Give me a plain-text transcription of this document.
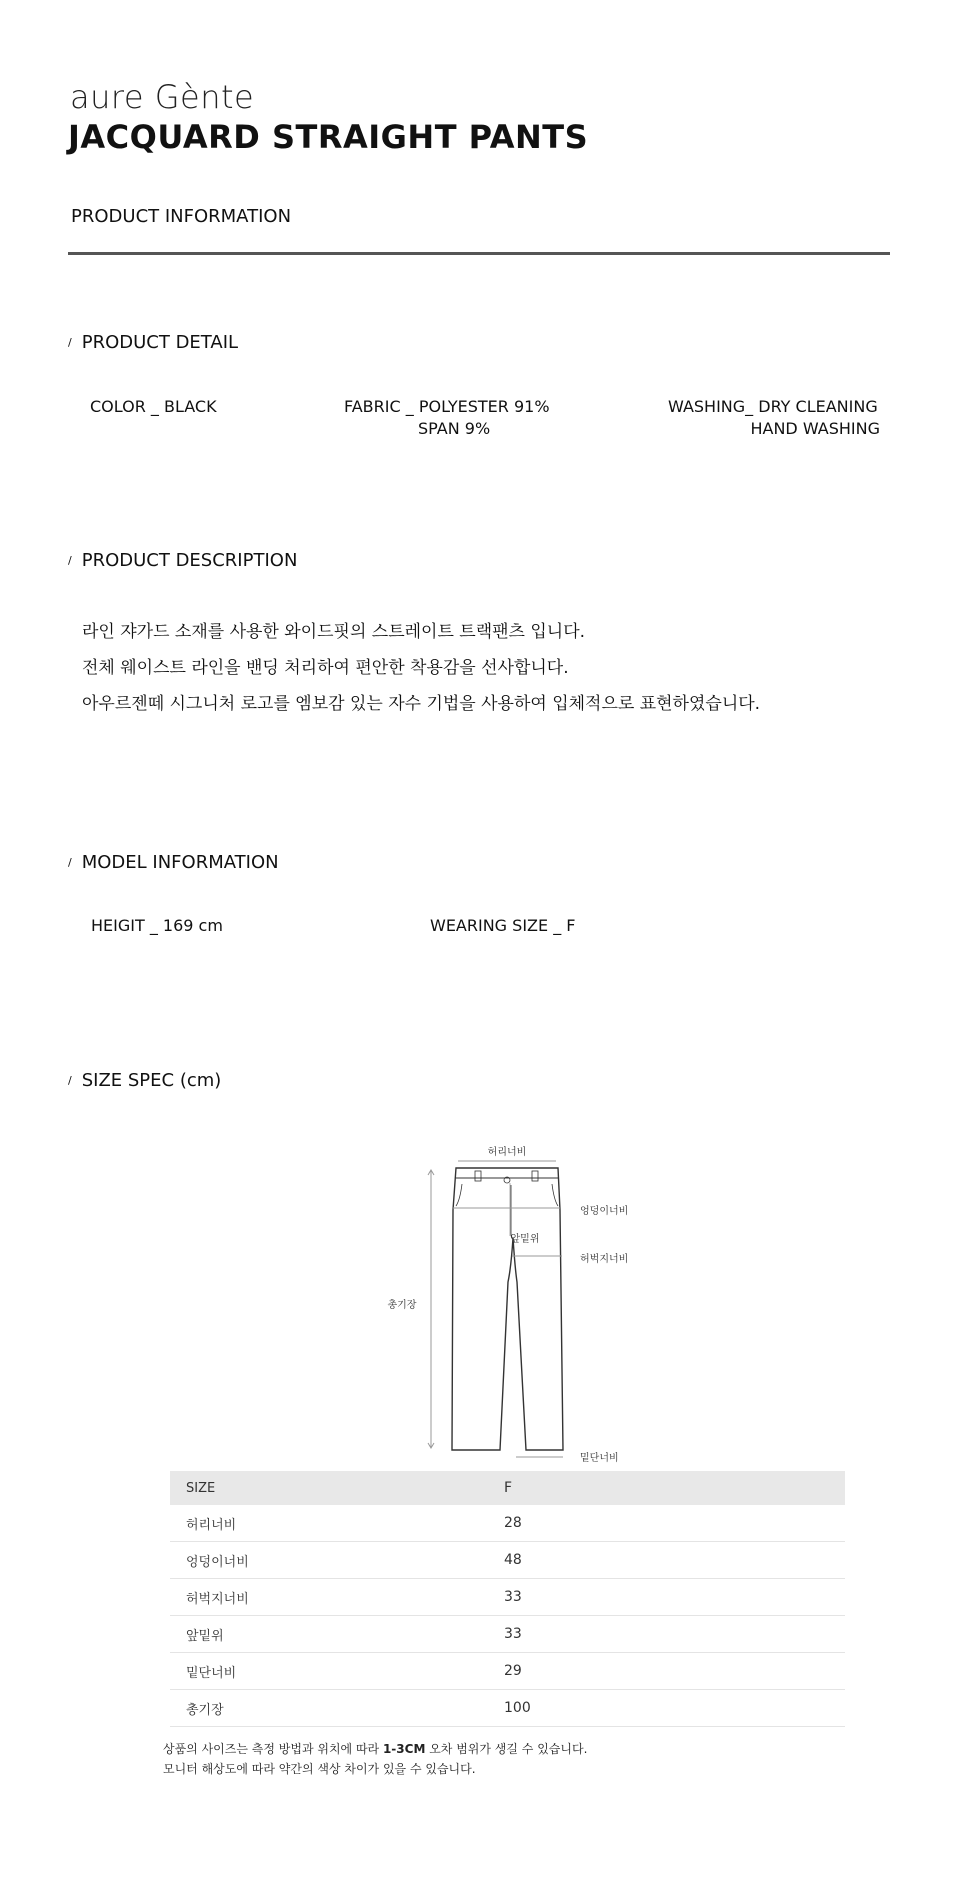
aure Gènte
JACQUARD STRAIGHT PANTS
PRODUCT INFORMATION
/ PRODUCT DETAIL
COLOR _ BLACK	FABRIC _ POLYESTER 91%
SPAN 9%
WASHING_ DRY CLEANING
HAND WASHING
/ PRODUCT DESCRIPTION
라인 쟈가드 소재를 사용한 와이드핏의 스트레이트 트랙팬츠 입니다.
전체 웨이스트 라인을 밴딩 처리하여 편안한 착용감을 선사합니다.
아우르젠떼 시그니처 로고를 엠보감 있는 자수 기법을 사용하여 입체적으로 표현하였습니다.
/ MODEL INFORMATION
HEIGIT _ 169 cm	WEARING SIZE _ F
/ SIZE SPEC (cm)
허리너비
총기장
엉덩이너비
앞밑위
허벅지너비
밑단너비
SIZE	F
허리너비	28
엉덩이너비	48
허벅지너비	33
앞밑위	33
밑단너비	29
총기장	100
상품의 사이즈는 측정 방법과 위치에 따라 1-3CM 오차 범위가 생길 수 있습니다.
모니터 해상도에 따라 약간의 색상 차이가 있을 수 있습니다.
